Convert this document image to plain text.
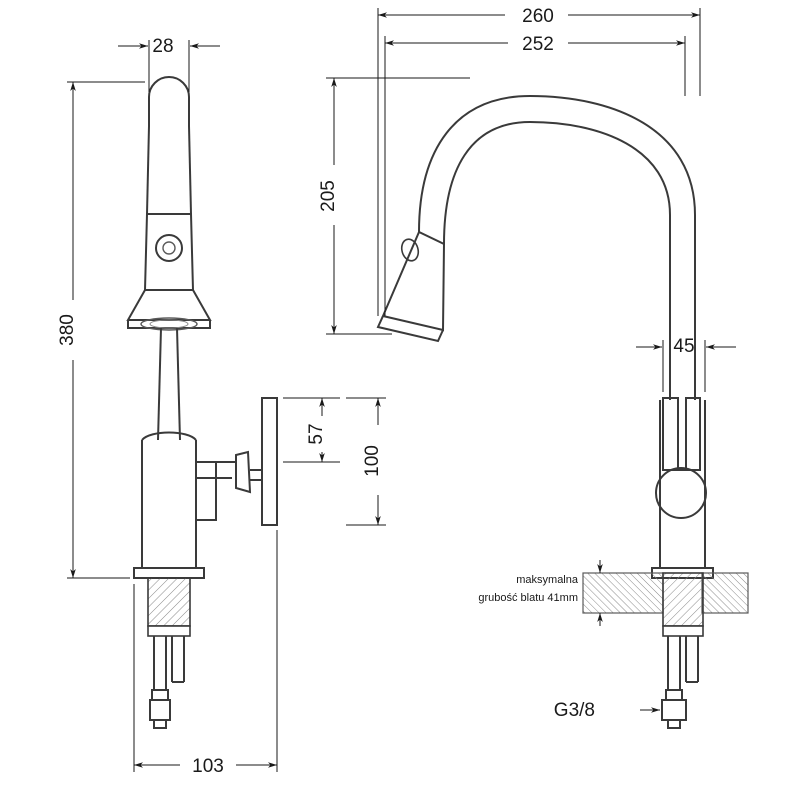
28
380
103
57
100
260
252
205
45
G3/8
maksymalna
grubość blatu 41mm
